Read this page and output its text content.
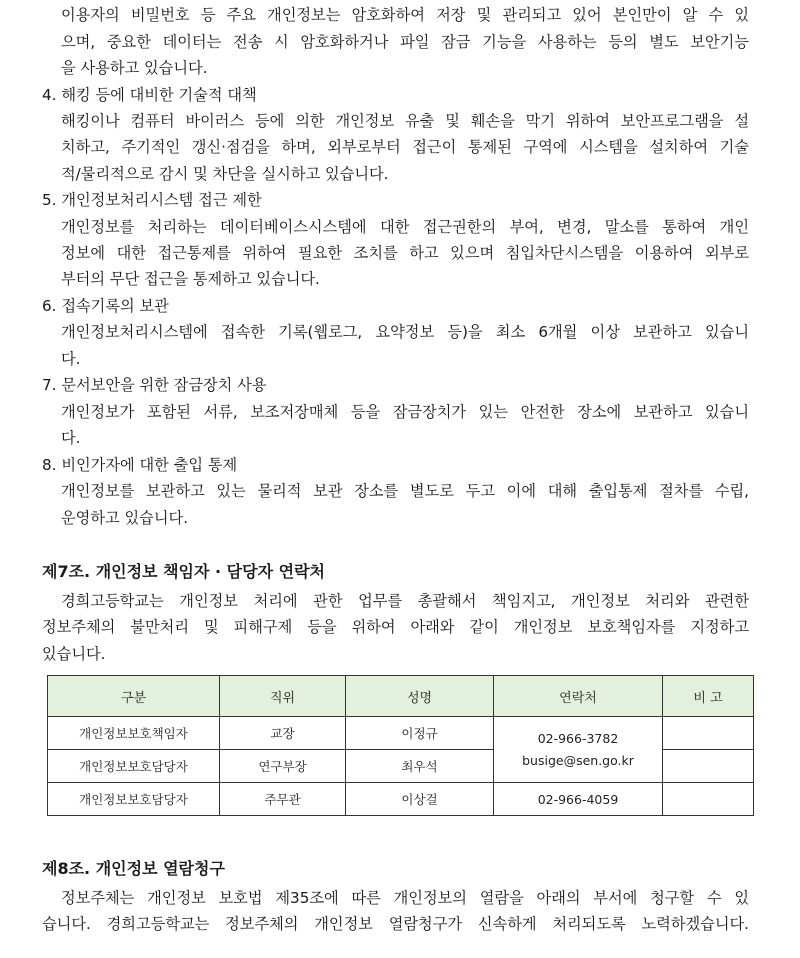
이용자의 비밀번호 등 주요 개인정보는 암호화하여 저장 및 관리되고 있어 본인만이 알 수 있
으며, 중요한 데이터는 전송 시 암호화하거나 파일 잠금 기능을 사용하는 등의 별도 보안기능
을 사용하고 있습니다.
4. 해킹 등에 대비한 기술적 대책
해킹이나 컴퓨터 바이러스 등에 의한 개인정보 유출 및 훼손을 막기 위하여 보안프로그램을 설
치하고, 주기적인 갱신·점검을 하며, 외부로부터 접근이 통제된 구역에 시스템을 설치하여 기술
적/물리적으로 감시 및 차단을 실시하고 있습니다.
5. 개인정보처리시스템 접근 제한
개인정보를 처리하는 데이터베이스시스템에 대한 접근권한의 부여, 변경, 말소를 통하여 개인
정보에 대한 접근통제를 위하여 필요한 조치를 하고 있으며 침입차단시스템을 이용하여 외부로
부터의 무단 접근을 통제하고 있습니다.
6. 접속기록의 보관
개인정보처리시스템에 접속한 기록(웹로그, 요약정보 등)을 최소 6개월 이상 보관하고 있습니
다.
7. 문서보안을 위한 잠금장치 사용
개인정보가 포함된 서류, 보조저장매체 등을 잠금장치가 있는 안전한 장소에 보관하고 있습니
다.
8. 비인가자에 대한 출입 통제
개인정보를 보관하고 있는 물리적 보관 장소를 별도로 두고 이에 대해 출입통제 절차를 수립,
운영하고 있습니다.
제7조. 개인정보 책임자 · 담당자 연락처
경희고등학교는 개인정보 처리에 관한 업무를 총괄해서 책임지고, 개인정보 처리와 관련한
정보주체의 불만처리 및 피해구제 등을 위하여 아래와 같이 개인정보 보호책임자를 지정하고
있습니다.
구분	직위	성명	연락처	비 고
개인정보보호책임자	교장	이정규	02-966-3782
busige@sen.go.kr	

개인정보보호담당자	연구부장	최우석		
개인정보보호담당자	주무관	이상걸	02-966-4059	
제8조. 개인정보 열람청구
정보주체는 개인정보 보호법 제35조에 따른 개인정보의 열람을 아래의 부서에 청구할 수 있
습니다. 경희고등학교는 정보주체의 개인정보 열람청구가 신속하게 처리되도록 노력하겠습니다.
